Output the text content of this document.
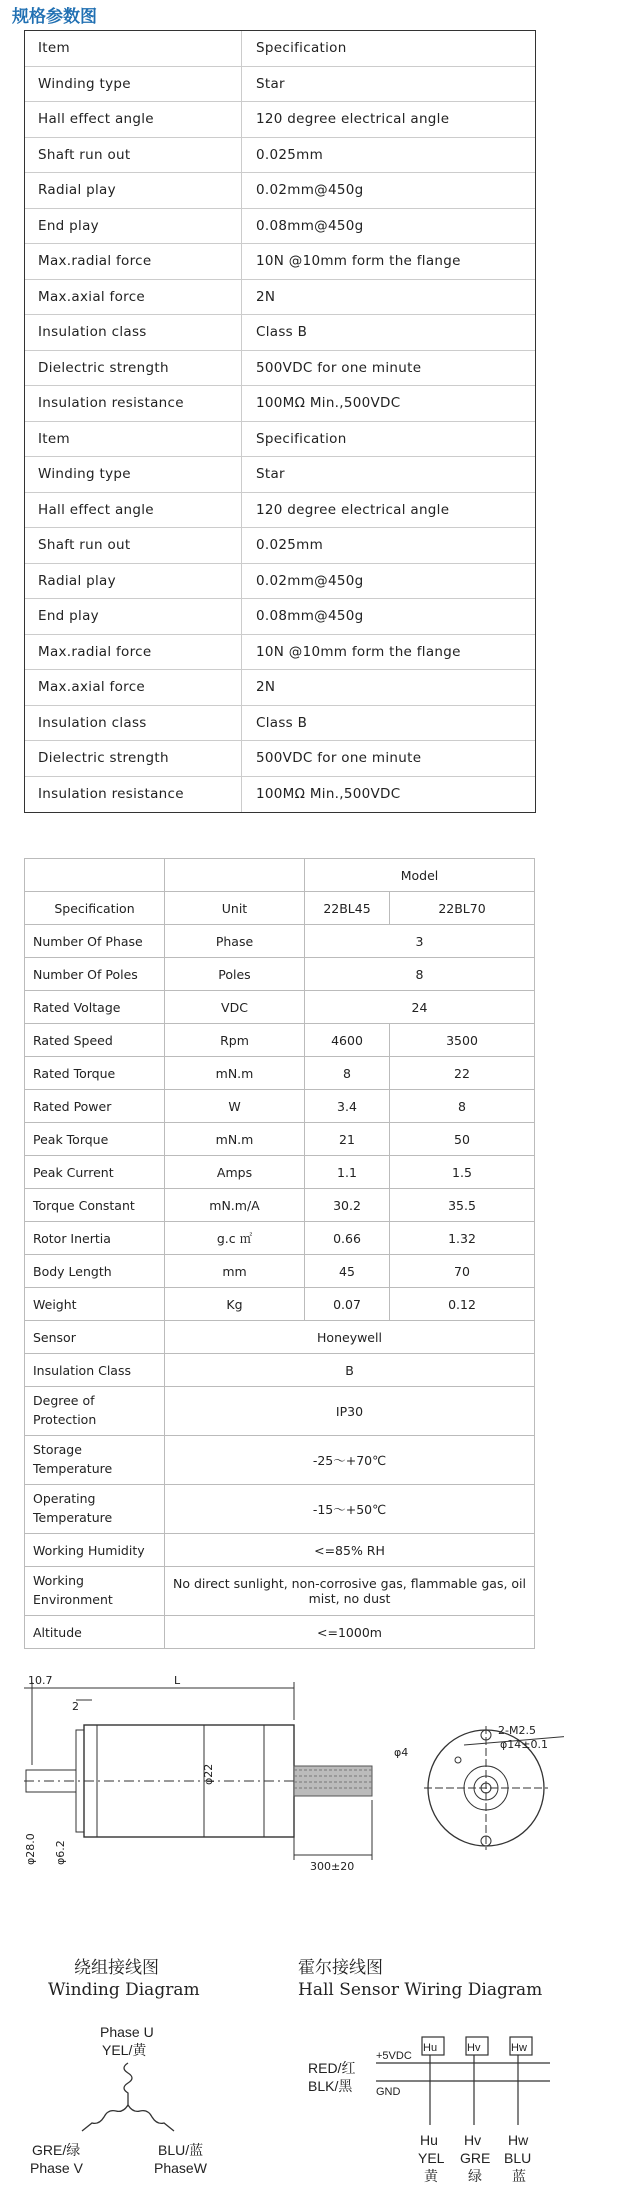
规格参数图
Item	Specification
Winding type	Star
Hall effect angle	120 degree electrical angle
Shaft run out	0.025mm
Radial play	0.02mm@450g
End play	0.08mm@450g
Max.radial force	10N @10mm form the flange
Max.axial force	2N
Insulation class	Class B
Dielectric strength	500VDC for one minute
Insulation resistance	100MΩ Min.,500VDC
Item	Specification
Winding type	Star
Hall effect angle	120 degree electrical angle
Shaft run out	0.025mm
Radial play	0.02mm@450g
End play	0.08mm@450g
Max.radial force	10N @10mm form the flange
Max.axial force	2N
Insulation class	Class B
Dielectric strength	500VDC for one minute
Insulation resistance	100MΩ Min.,500VDC
		Model	
Specification	Unit	22BL45	22BL70
Number Of Phase	Phase	3	
Number Of Poles	Poles	8	
Rated Voltage	VDC	24	
Rated Speed	Rpm	4600	3500
Rated Torque	mN.m	8	22
Rated Power	W	3.4	8
Peak Torque	mN.m	21	50
Peak Current	Amps	1.1	1.5
Torque Constant	mN.m/A	30.2	35.5
Rotor Inertia	g.c ㎡	0.66	1.32
Body Length	mm	45	70
Weight	Kg	0.07	0.12
Sensor	Honeywell		
Insulation Class	B		
Degree of Protection	IP30		
Storage Temperature	-25～+70℃		
Operating Temperature	-15～+50℃		
Working Humidity	<=85% RH		
Working Environment	No direct sunlight, non-corrosive gas, flammable gas, oil mist, no dust		
Altitude	<=1000m		
10.7	L
2
φ22
φ28.0 φ6.2
300±20
φ4
2-M2.5
φ14±0.1
绕组接线图
Winding Diagram
霍尔接线图
Hall Sensor Wiring Diagram
Phase U
YEL/黄
GRE/绿
Phase V
BLU/蓝
PhaseW
RED/红
BLK/黑
+5VDC
GND
Hu	Hv	Hw
Hu Hv Hw
YEL GRE BLU
黄 绿 蓝
